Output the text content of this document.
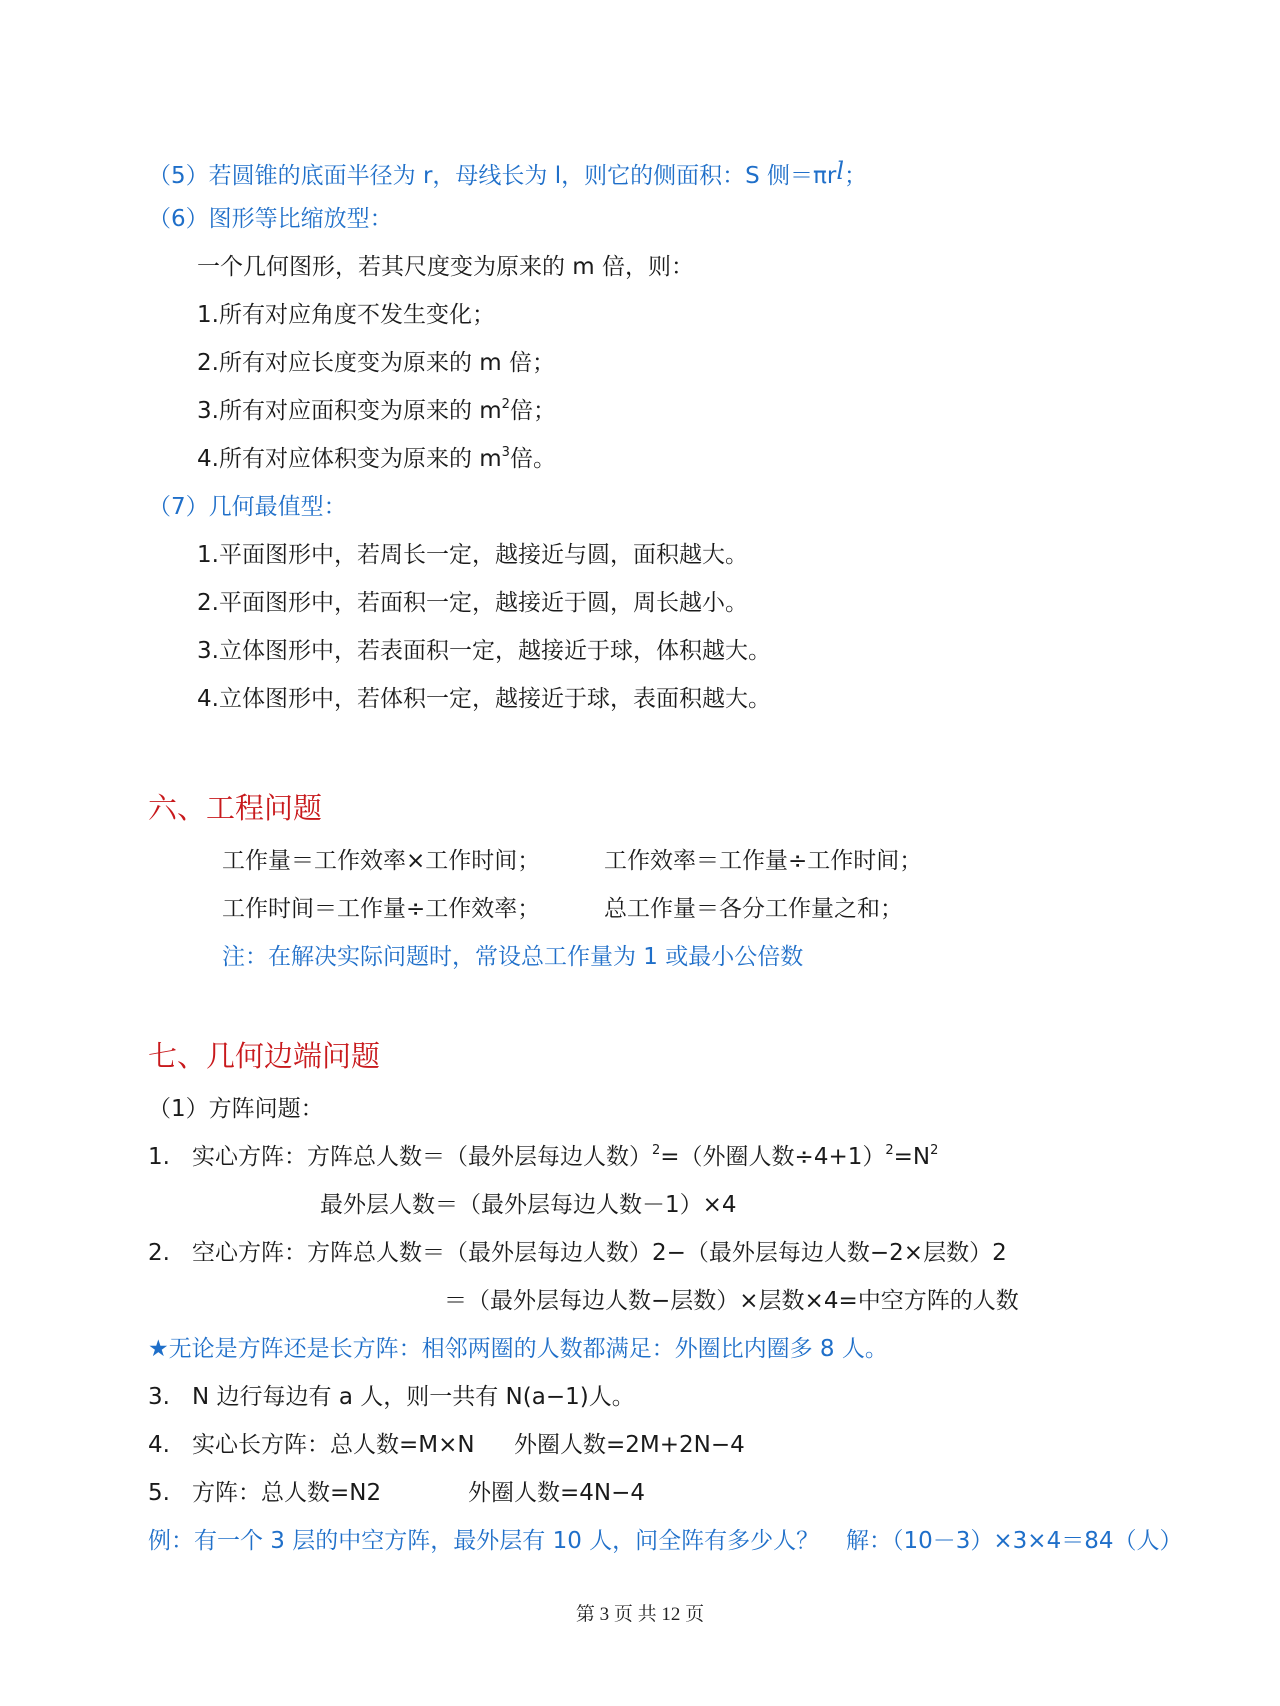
（5）若圆锥的底面半径为 r，母线长为 l，则它的侧面积：S 侧＝πrl；
（6）图形等比缩放型：
一个几何图形，若其尺度变为原来的 m 倍，则：
1.所有对应角度不发生变化；
2.所有对应长度变为原来的 m 倍；
3.所有对应面积变为原来的 $m^2$倍；
4.所有对应体积变为原来的 $m^3$倍。
（7）几何最值型：
1.平面图形中，若周长一定，越接近与圆，面积越大。
2.平面图形中，若面积一定，越接近于圆，周长越小。
3.立体图形中，若表面积一定，越接近于球，体积越大。
4.立体图形中，若体积一定，越接近于球，表面积越大。
六、工程问题
工作量＝工作效率×工作时间；	工作效率＝工作量÷工作时间；
工作时间＝工作量÷工作效率；	总工作量＝各分工作量之和；
注：在解决实际问题时，常设总工作量为 1 或最小公倍数
七、几何边端问题
（1）方阵问题：
1. 实心方阵：方阵总人数＝（最外层每边人数）$^2$=（外圈人数$\div 4+1)^2=N^2$
最外层人数＝（最外层每边人数－1）×4
2. 空心方阵：方阵总人数＝（最外层每边人数）2−（最外层每边人数−2×层数）2
＝（最外层每边人数−层数）×层数×4=中空方阵的人数
★无论是方阵还是长方阵：相邻两圈的人数都满足：外圈比内圈多 8 人。
3. N 边行每边有 a 人，则一共有 N(a−1)人。
4. 实心长方阵：总人数=M×N 外圈人数=2M+2N−4
5. 方阵：总人数=N2	外圈人数=4N−4
例：有一个 3 层的中空方阵，最外层有 10 人，问全阵有多少人？ 解：（10－3）×3×4＝84（人）
第 3 页 共 12 页
